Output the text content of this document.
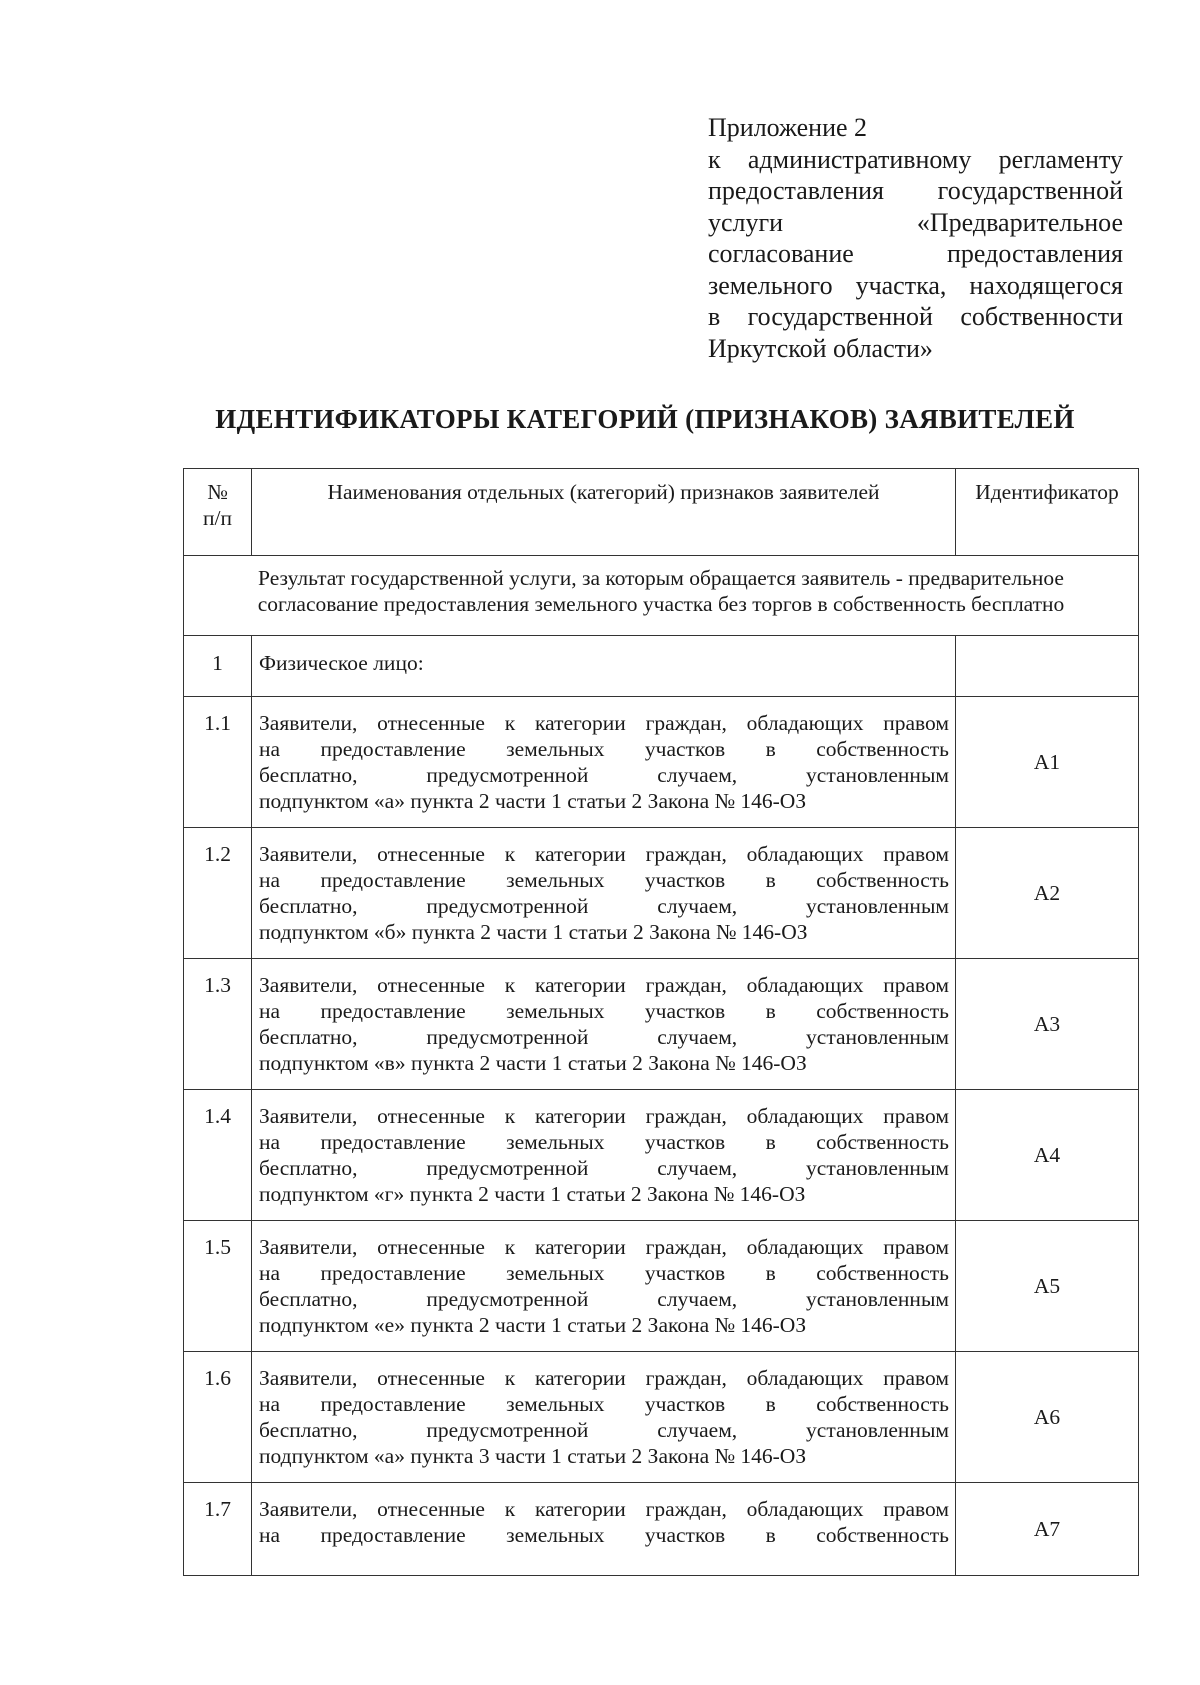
Приложение 2
к административному регламенту
предоставления государственной
услуги «Предварительное
согласование предоставления
земельного участка, находящегося
в государственной собственности
Иркутской области»
ИДЕНТИФИКАТОРЫ КАТЕГОРИЙ (ПРИЗНАКОВ) ЗАЯВИТЕЛЕЙ
№
п/п	Наименования отдельных (категорий) признаков заявителей	Идентификатор

Результат государственной услуги, за которым обращается заявитель - предварительное
согласование предоставления земельного участка без торгов в собственность бесплатно		

1	Физическое лицо:	
1.1	Заявители, отнесенные к категории граждан, обладающих правом
на предоставление земельных участков в собственность
бесплатно, предусмотренной случаем, установленным
подпунктом «а» пункта 2 части 1 статьи 2 Закона № 146-ОЗ	А1
1.2	Заявители, отнесенные к категории граждан, обладающих правом
на предоставление земельных участков в собственность
бесплатно, предусмотренной случаем, установленным
подпунктом «б» пункта 2 части 1 статьи 2 Закона № 146-ОЗ	А2
1.3	Заявители, отнесенные к категории граждан, обладающих правом
на предоставление земельных участков в собственность
бесплатно, предусмотренной случаем, установленным
подпунктом «в» пункта 2 части 1 статьи 2 Закона № 146-ОЗ	А3
1.4	Заявители, отнесенные к категории граждан, обладающих правом
на предоставление земельных участков в собственность
бесплатно, предусмотренной случаем, установленным
подпунктом «г» пункта 2 части 1 статьи 2 Закона № 146-ОЗ	А4
1.5	Заявители, отнесенные к категории граждан, обладающих правом
на предоставление земельных участков в собственность
бесплатно, предусмотренной случаем, установленным
подпунктом «е» пункта 2 части 1 статьи 2 Закона № 146-ОЗ	А5
1.6	Заявители, отнесенные к категории граждан, обладающих правом
на предоставление земельных участков в собственность
бесплатно, предусмотренной случаем, установленным
подпунктом «а» пункта 3 части 1 статьи 2 Закона № 146-ОЗ	А6
1.7	Заявители, отнесенные к категории граждан, обладающих правом
на предоставление земельных участков в собственность	А7
